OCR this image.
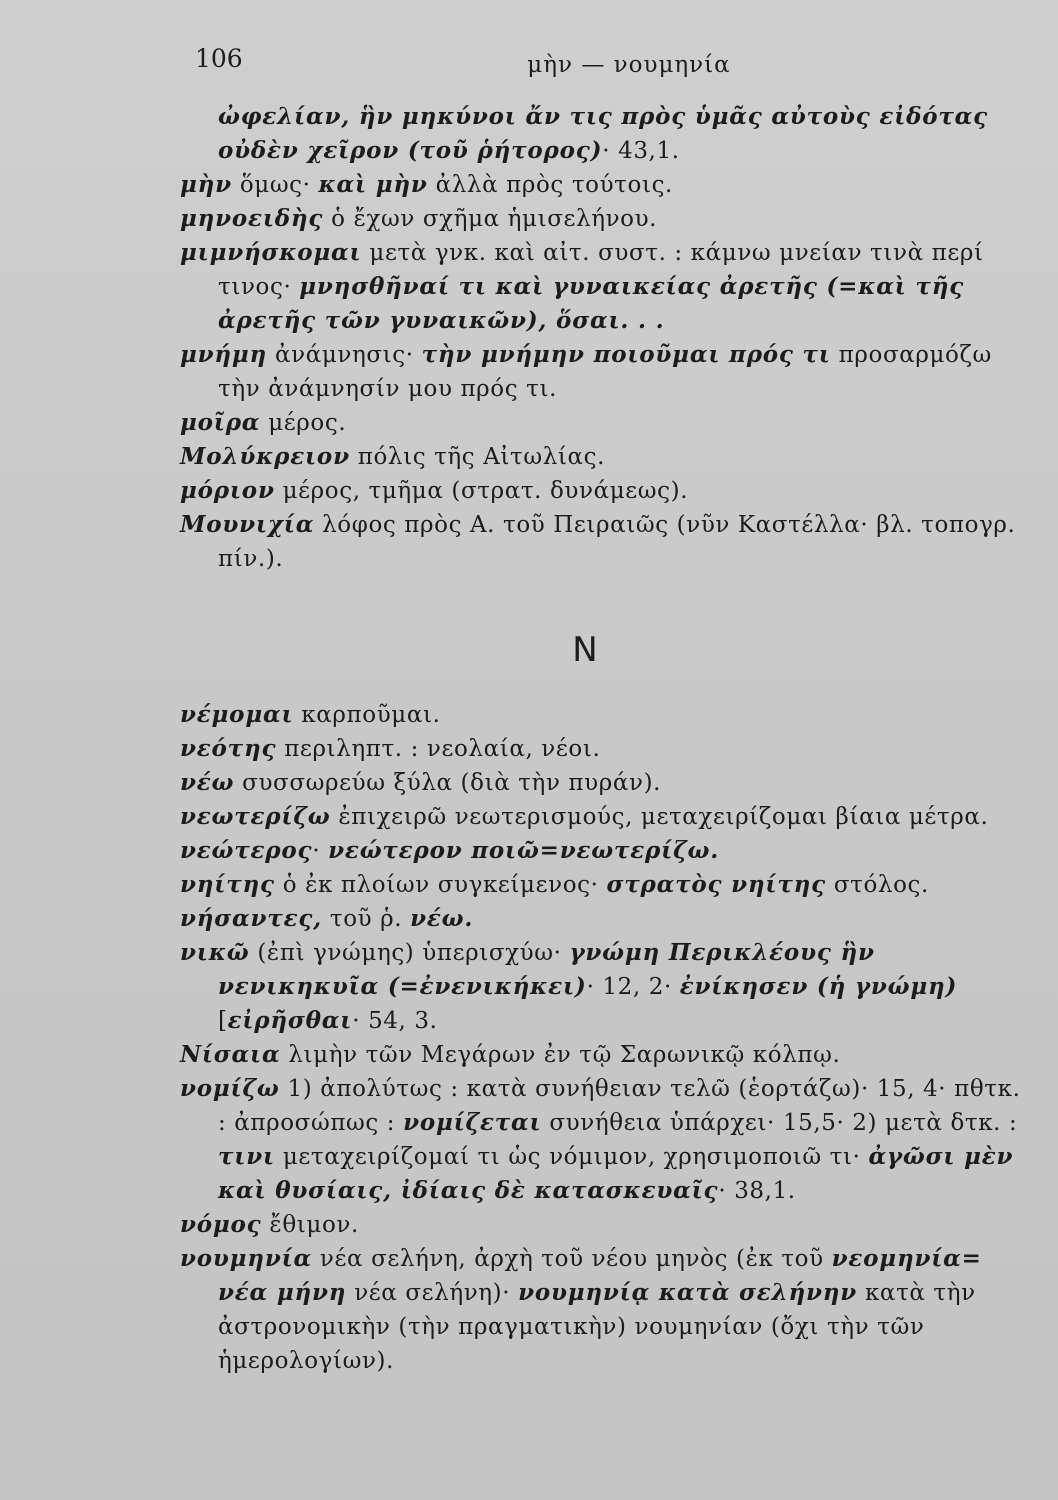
106	μὴν — νουμηνία

ὠφελίαν, ἣν μηκύνοι ἄν τις πρὸς ὑμᾶς αὐτοὺς εἰδότας οὐδὲν χεῖρον (τοῦ ῥήτορος)· 43,1.

μὴν ὅμως· καὶ μὴν ἀλλὰ πρὸς τούτοις.

μηνοειδὴς ὁ ἔχων σχῆμα ἡμισελήνου.

μιμνήσκομαι μετὰ γνκ. καὶ αἰτ. συστ. : κάμνω μνείαν τινὰ περί τινος· μνησθῆναί τι καὶ γυναικείας ἀρετῆς (=καὶ τῆς ἀρετῆς τῶν γυναικῶν), ὅσαι. . .

μνήμη ἀνάμνησις· τὴν μνήμην ποιοῦμαι πρός τι προσαρμόζω τὴν ἀνάμνησίν μου πρός τι.

μοῖρα μέρος.

Μολύκρειον πόλις τῆς Αἰτωλίας.

μόριον μέρος, τμῆμα (στρατ. δυνάμεως).

Μουνιχία λόφος πρὸς Α. τοῦ Πειραιῶς (νῦν Καστέλλα· βλ. τοπογρ. πίν.).

N

νέμομαι καρποῦμαι.

νεότης περιληπτ. : νεολαία, νέοι.

νέω συσσωρεύω ξύλα (διὰ τὴν πυράν).

νεωτερίζω ἐπιχειρῶ νεωτερισμούς, μεταχειρίζομαι βίαια μέτρα.

νεώτερος· νεώτερον ποιῶ=νεωτερίζω.

νηίτης ὁ ἐκ πλοίων συγκείμενος· στρατὸς νηίτης στόλος.

νήσαντες, τοῦ ῥ. νέω.

νικῶ (ἐπὶ γνώμης) ὑπερισχύω· γνώμη Περικλέους ἣν νενικηκυῖα (=ἐνενικήκει)· 12, 2· ἐνίκησεν (ἡ γνώμη) [εἰρῆσθαι· 54, 3.

Νίσαια λιμὴν τῶν Μεγάρων ἐν τῷ Σαρωνικῷ κόλπῳ.

νομίζω 1) ἀπολύτως : κατὰ συνήθειαν τελῶ (ἑορτάζω)· 15, 4· πθτκ. : ἀπροσώπως : νομίζεται συνήθεια ὑπάρχει· 15,5· 2) μετὰ δτκ. : τινι μεταχειρίζομαί τι ὡς νόμιμον, χρησιμοποιῶ τι· ἀγῶσι μὲν καὶ θυσίαις, ἰδίαις δὲ κατασκευαῖς· 38,1.

νόμος ἔθιμον.

νουμηνία νέα σελήνη, ἀρχὴ τοῦ νέου μηνὸς (ἐκ τοῦ νεομηνία= νέα μήνη νέα σελήνη)· νουμηνίᾳ κατὰ σελήνην κατὰ τὴν ἀστρονομικὴν (τὴν πραγματικὴν) νουμηνίαν (ὄχι τὴν τῶν ἡμερολογίων).
